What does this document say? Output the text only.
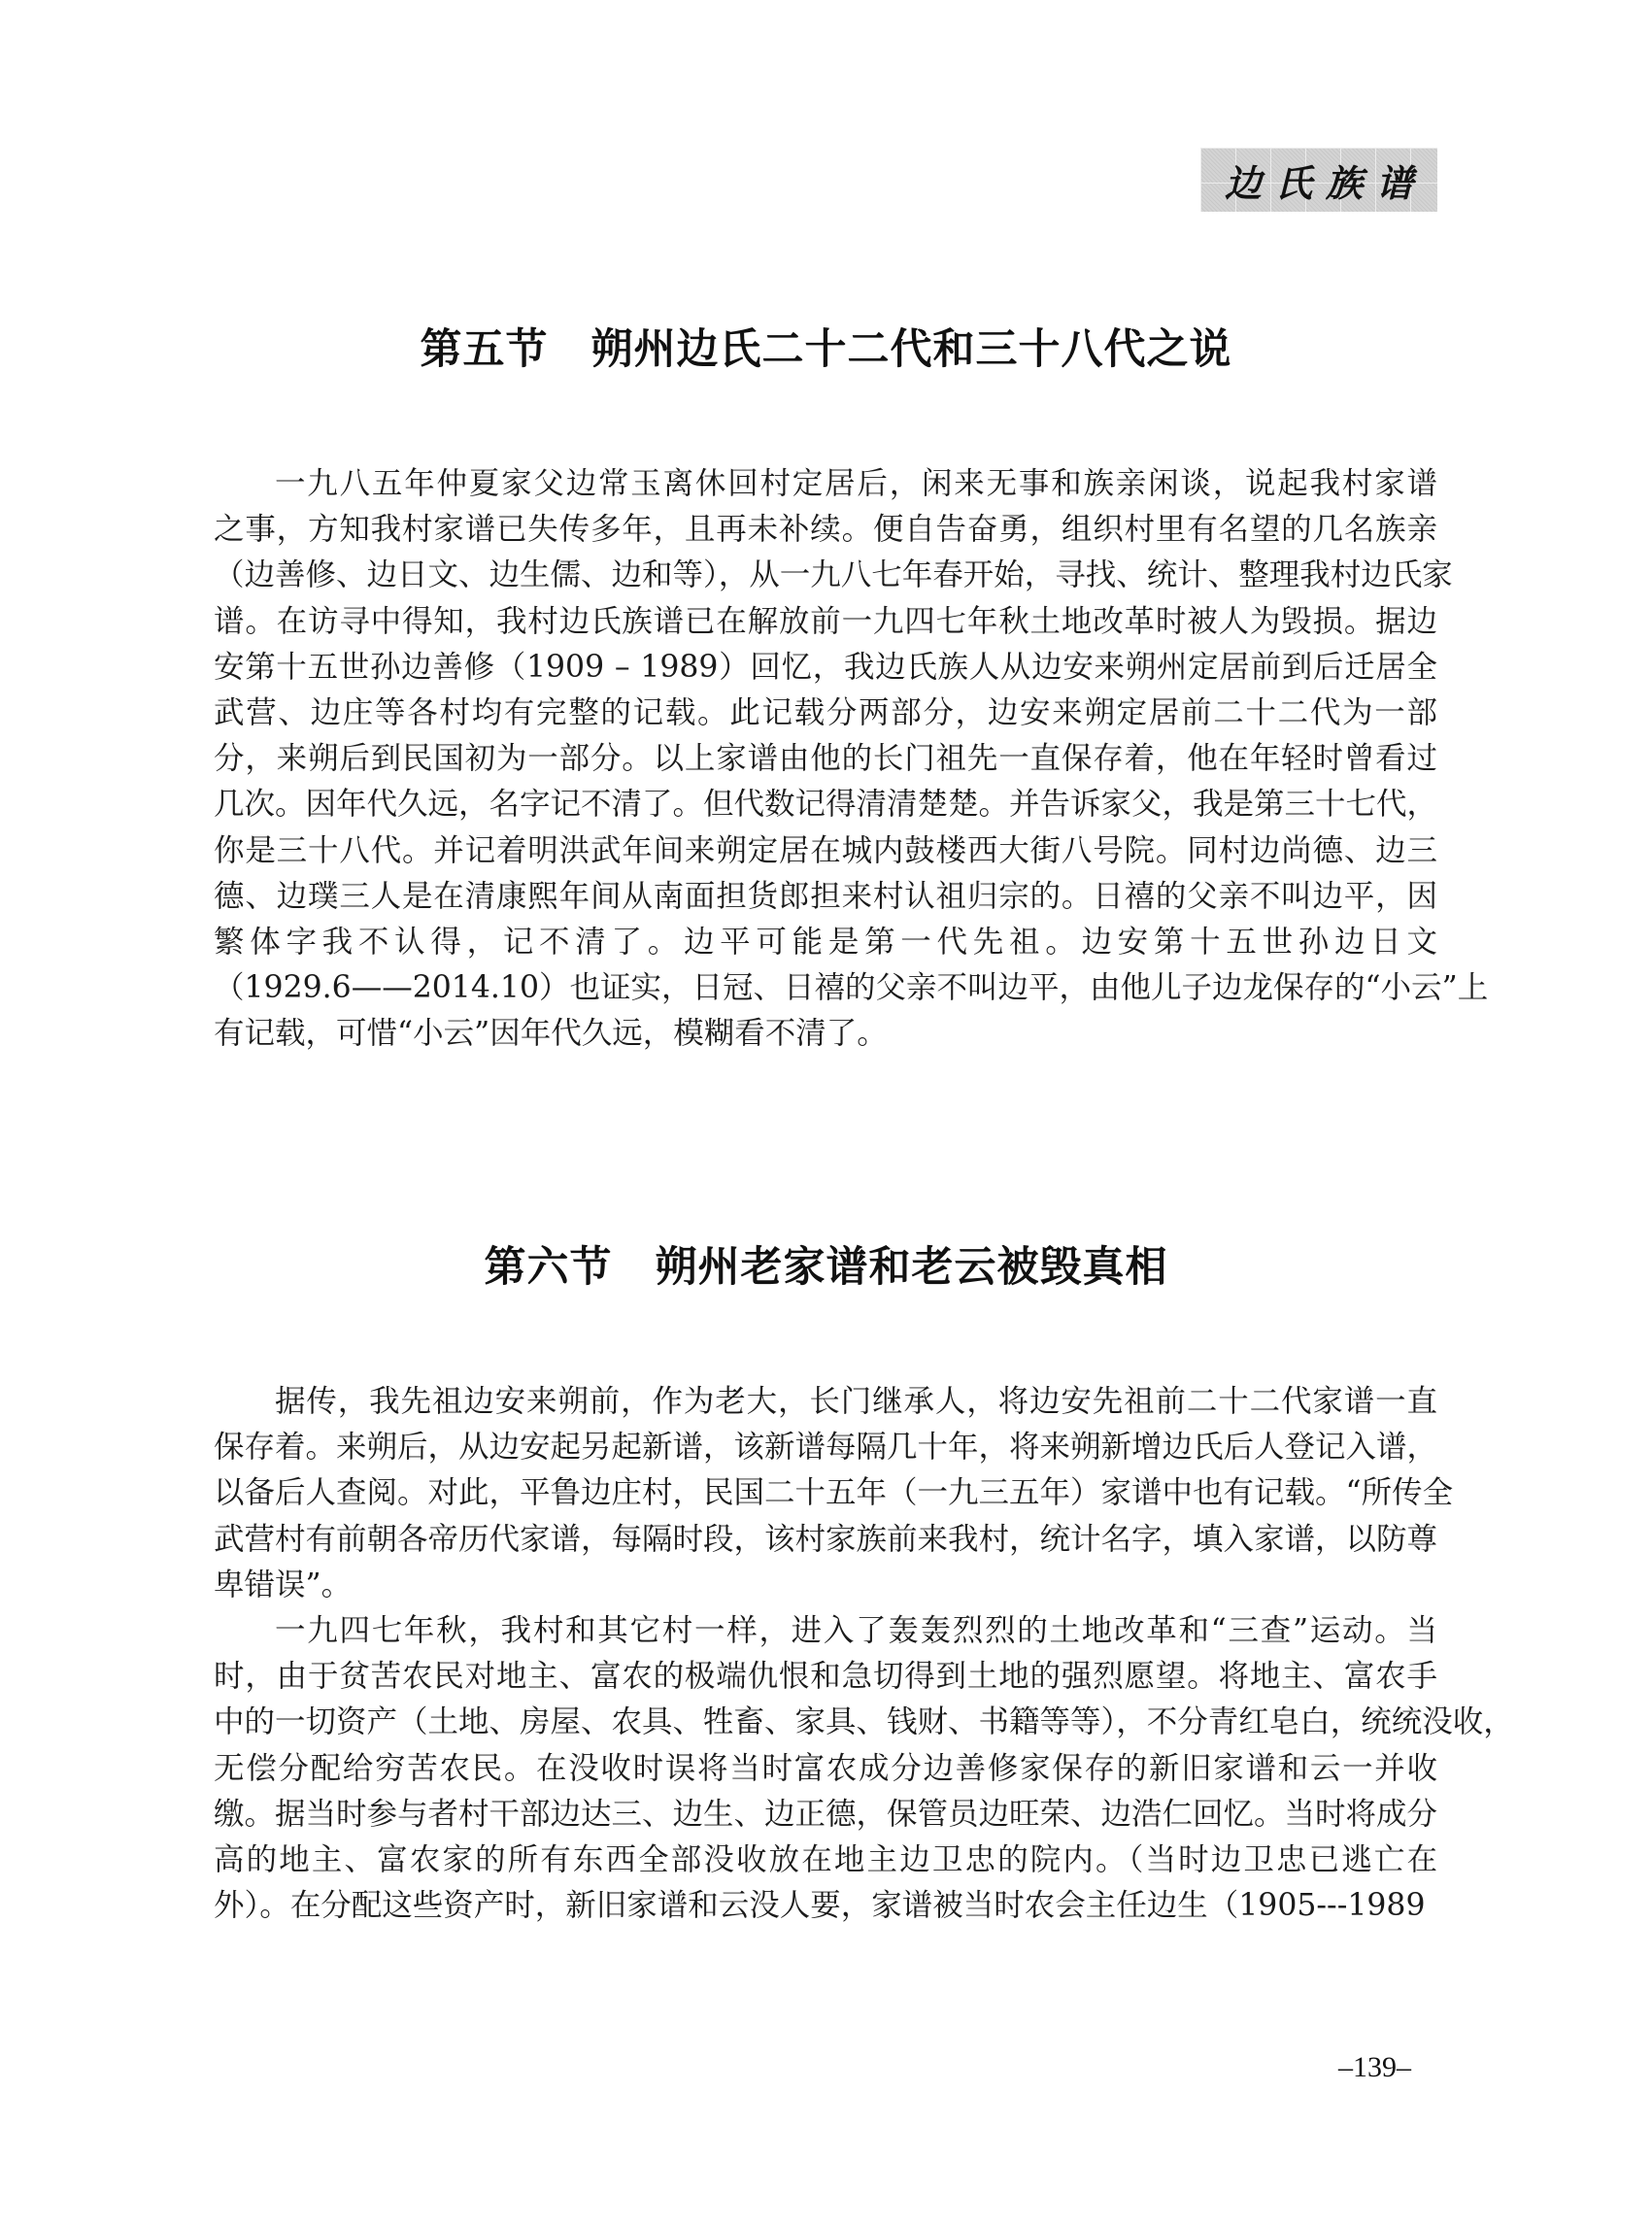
边氏族谱
第五节　朔州边氏二十二代和三十八代之说
一九八五年仲夏家父边常玉离休回村定居后，闲来无事和族亲闲谈，说起我村家谱
之事，方知我村家谱已失传多年，且再未补续。便自告奋勇，组织村里有名望的几名族亲
（边善修、边日文、边生儒、边和等），从一九八七年春开始，寻找、统计、整理我村边氏家
谱。在访寻中得知，我村边氏族谱已在解放前一九四七年秋土地改革时被人为毁损。据边
安第十五世孙边善修（1909 – 1989）回忆，我边氏族人从边安来朔州定居前到后迁居全
武营、边庄等各村均有完整的记载。此记载分两部分，边安来朔定居前二十二代为一部
分，来朔后到民国初为一部分。以上家谱由他的长门祖先一直保存着，他在年轻时曾看过
几次。因年代久远，名字记不清了。但代数记得清清楚楚。并告诉家父，我是第三十七代，
你是三十八代。并记着明洪武年间来朔定居在城内鼓楼西大街八号院。同村边尚德、边三
德、边璞三人是在清康熙年间从南面担货郎担来村认祖归宗的。日禧的父亲不叫边平，因
繁体字我不认得，记不清了。边平可能是第一代先祖。边安第十五世孙边日文
（1929.6——2014.10）也证实，日冠、日禧的父亲不叫边平，由他儿子边龙保存的“小云”上
有记载，可惜“小云”因年代久远，模糊看不清了。
第六节　朔州老家谱和老云被毁真相
据传，我先祖边安来朔前，作为老大，长门继承人，将边安先祖前二十二代家谱一直
保存着。来朔后，从边安起另起新谱，该新谱每隔几十年，将来朔新增边氏后人登记入谱，
以备后人查阅。对此，平鲁边庄村，民国二十五年（一九三五年）家谱中也有记载。“所传全
武营村有前朝各帝历代家谱，每隔时段，该村家族前来我村，统计名字，填入家谱，以防尊
卑错误”。
一九四七年秋，我村和其它村一样，进入了轰轰烈烈的土地改革和“三查”运动。当
时，由于贫苦农民对地主、富农的极端仇恨和急切得到土地的强烈愿望。将地主、富农手
中的一切资产（土地、房屋、农具、牲畜、家具、钱财、书籍等等），不分青红皂白，统统没收，
无偿分配给穷苦农民。在没收时误将当时富农成分边善修家保存的新旧家谱和云一并收
缴。据当时参与者村干部边达三、边生、边正德，保管员边旺荣、边浩仁回忆。当时将成分
高的地主、富农家的所有东西全部没收放在地主边卫忠的院内。（当时边卫忠已逃亡在
外）。在分配这些资产时，新旧家谱和云没人要，家谱被当时农会主任边生（1905---1989
–139–
